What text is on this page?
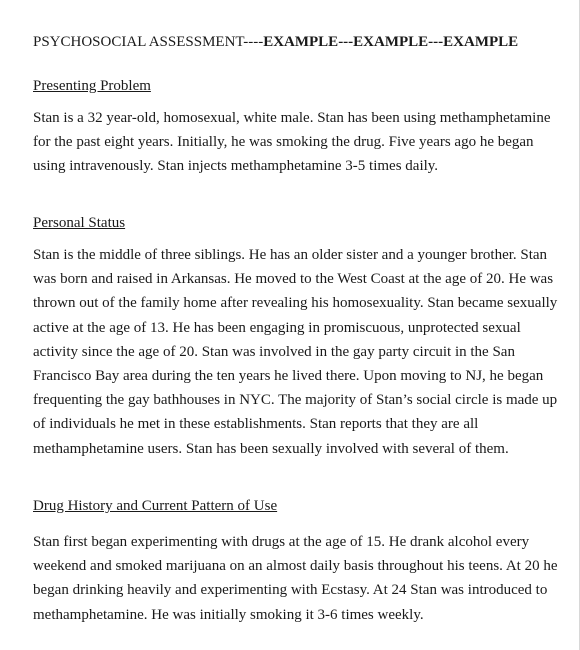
PSYCHOSOCIAL ASSESSMENT----EXAMPLE---EXAMPLE---EXAMPLE
Presenting Problem
Stan is a 32 year-old, homosexual, white male. Stan has been using methamphetamine
for the past eight years. Initially, he was smoking the drug. Five years ago he began
using intravenously. Stan injects methamphetamine 3-5 times daily.
Personal Status
Stan is the middle of three siblings. He has an older sister and a younger brother. Stan
was born and raised in Arkansas. He moved to the West Coast at the age of 20. He was
thrown out of the family home after revealing his homosexuality. Stan became sexually
active at the age of 13. He has been engaging in promiscuous, unprotected sexual
activity since the age of 20. Stan was involved in the gay party circuit in the San
Francisco Bay area during the ten years he lived there. Upon moving to NJ, he began
frequenting the gay bathhouses in NYC. The majority of Stan’s social circle is made up
of individuals he met in these establishments. Stan reports that they are all
methamphetamine users. Stan has been sexually involved with several of them.
Drug History and Current Pattern of Use
Stan first began experimenting with drugs at the age of 15. He drank alcohol every
weekend and smoked marijuana on an almost daily basis throughout his teens. At 20 he
began drinking heavily and experimenting with Ecstasy. At 24 Stan was introduced to
methamphetamine. He was initially smoking it 3-6 times weekly.
